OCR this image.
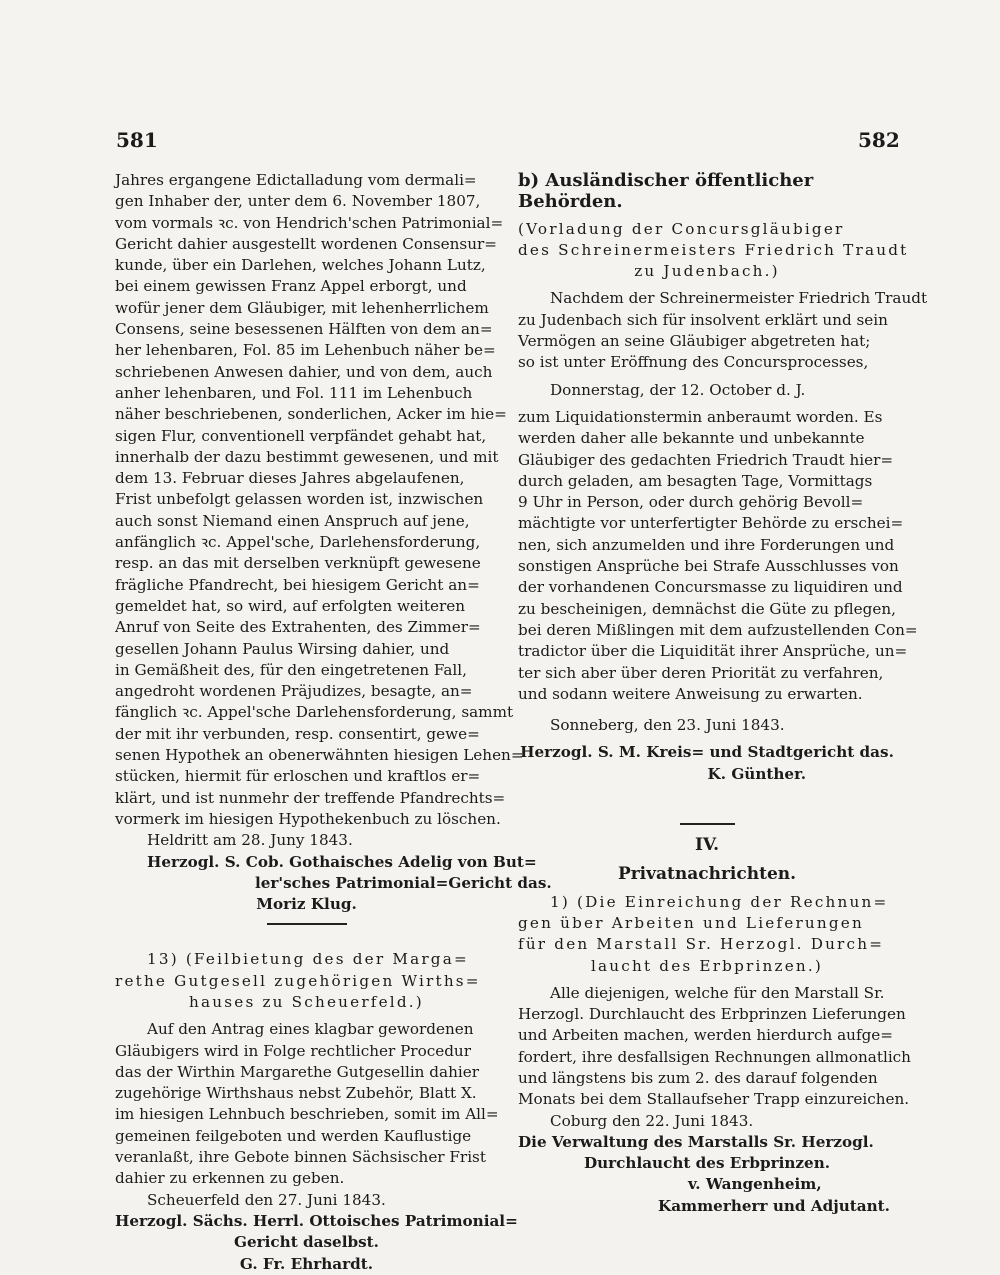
581	582

Jahres ergangene Edictalladung vom dermali=
gen Inhaber der, unter dem 6. November 1807,
vom vormals ꝛc. von Hendrich'schen Patrimonial=
Gericht dahier ausgestellt wordenen Consensur=
kunde, über ein Darlehen, welches Johann Lutz,
bei einem gewissen Franz Appel erborgt, und
wofür jener dem Gläubiger, mit lehenherrlichem
Consens, seine besessenen Hälften von dem an=
her lehenbaren, Fol. 85 im Lehenbuch näher be=
schriebenen Anwesen dahier, und von dem, auch
anher lehenbaren, und Fol. 111 im Lehenbuch
näher beschriebenen, sonderlichen, Acker im hie=
sigen Flur, conventionell verpfändet gehabt hat,
innerhalb der dazu bestimmt gewesenen, und mit
dem 13. Februar dieses Jahres abgelaufenen,
Frist unbefolgt gelassen worden ist, inzwischen
auch sonst Niemand einen Anspruch auf jene,
anfänglich ꝛc. Appel'sche, Darlehensforderung,
resp. an das mit derselben verknüpft gewesene
frägliche Pfandrecht, bei hiesigem Gericht an=
gemeldet hat, so wird, auf erfolgten weiteren
Anruf von Seite des Extrahenten, des Zimmer=
gesellen Johann Paulus Wirsing dahier, und
in Gemäßheit des, für den eingetretenen Fall,
angedroht wordenen Präjudizes, besagte, an=
fänglich ꝛc. Appel'sche Darlehensforderung, sammt
der mit ihr verbunden, resp. consentirt, gewe=
senen Hypothek an obenerwähnten hiesigen Lehen=
stücken, hiermit für erloschen und kraftlos er=
klärt, und ist nunmehr der treffende Pfandrechts=
vormerk im hiesigen Hypothekenbuch zu löschen.

Heldritt am 28. Juny 1843.
Herzogl. S. Cob. Gothaisches Adelig von But=
ler'sches Patrimonial=Gericht das.
Moriz Klug.
13) (Feilbietung des der Marga=
rethe Gutgesell zugehörigen Wirths=
hauses zu Scheuerfeld.)
Auf den Antrag eines klagbar gewordenen
Gläubigers wird in Folge rechtlicher Procedur
das der Wirthin Margarethe Gutgesellin dahier
zugehörige Wirthshaus nebst Zubehör, Blatt X.
im hiesigen Lehnbuch beschrieben, somit im All=
gemeinen feilgeboten und werden Kauflustige
veranlaßt, ihre Gebote binnen Sächsischer Frist
dahier zu erkennen zu geben.
Scheuerfeld den 27. Juni 1843.
Herzogl. Sächs. Herrl. Ottoisches Patrimonial=
Gericht daselbst.
G. Fr. Ehrhardt.
b) Ausländischer öffentlicher Behörden.
(Vorladung der Concursgläubiger
des Schreinermeisters Friedrich Traudt
zu Judenbach.)
Nachdem der Schreinermeister Friedrich Traudt
zu Judenbach sich für insolvent erklärt und sein
Vermögen an seine Gläubiger abgetreten hat;
so ist unter Eröffnung des Concursprocesses,
Donnerstag, der 12. October d. J.
zum Liquidationstermin anberaumt worden. Es
werden daher alle bekannte und unbekannte
Gläubiger des gedachten Friedrich Traudt hier=
durch geladen, am besagten Tage, Vormittags
9 Uhr in Person, oder durch gehörig Bevoll=
mächtigte vor unterfertigter Behörde zu erschei=
nen, sich anzumelden und ihre Forderungen und
sonstigen Ansprüche bei Strafe Ausschlusses von
der vorhandenen Concursmasse zu liquidiren und
zu bescheinigen, demnächst die Güte zu pflegen,
bei deren Mißlingen mit dem aufzustellenden Con=
tradictor über die Liquidität ihrer Ansprüche, un=
ter sich aber über deren Priorität zu verfahren,
und sodann weitere Anweisung zu erwarten.
Sonneberg, den 23. Juni 1843.
Herzogl. S. M. Kreis= und Stadtgericht das.
K. Günther.
IV.
Privatnachrichten.
1) (Die Einreichung der Rechnun=
gen über Arbeiten und Lieferungen
für den Marstall Sr. Herzogl. Durch=
laucht des Erbprinzen.)
Alle diejenigen, welche für den Marstall Sr.
Herzogl. Durchlaucht des Erbprinzen Lieferungen
und Arbeiten machen, werden hierdurch aufge=
fordert, ihre desfallsigen Rechnungen allmonatlich
und längstens bis zum 2. des darauf folgenden
Monats bei dem Stallaufseher Trapp einzureichen.
Coburg den 22. Juni 1843.
Die Verwaltung des Marstalls Sr. Herzogl.
Durchlaucht des Erbprinzen.
v. Wangenheim,
Kammerherr und Adjutant.
